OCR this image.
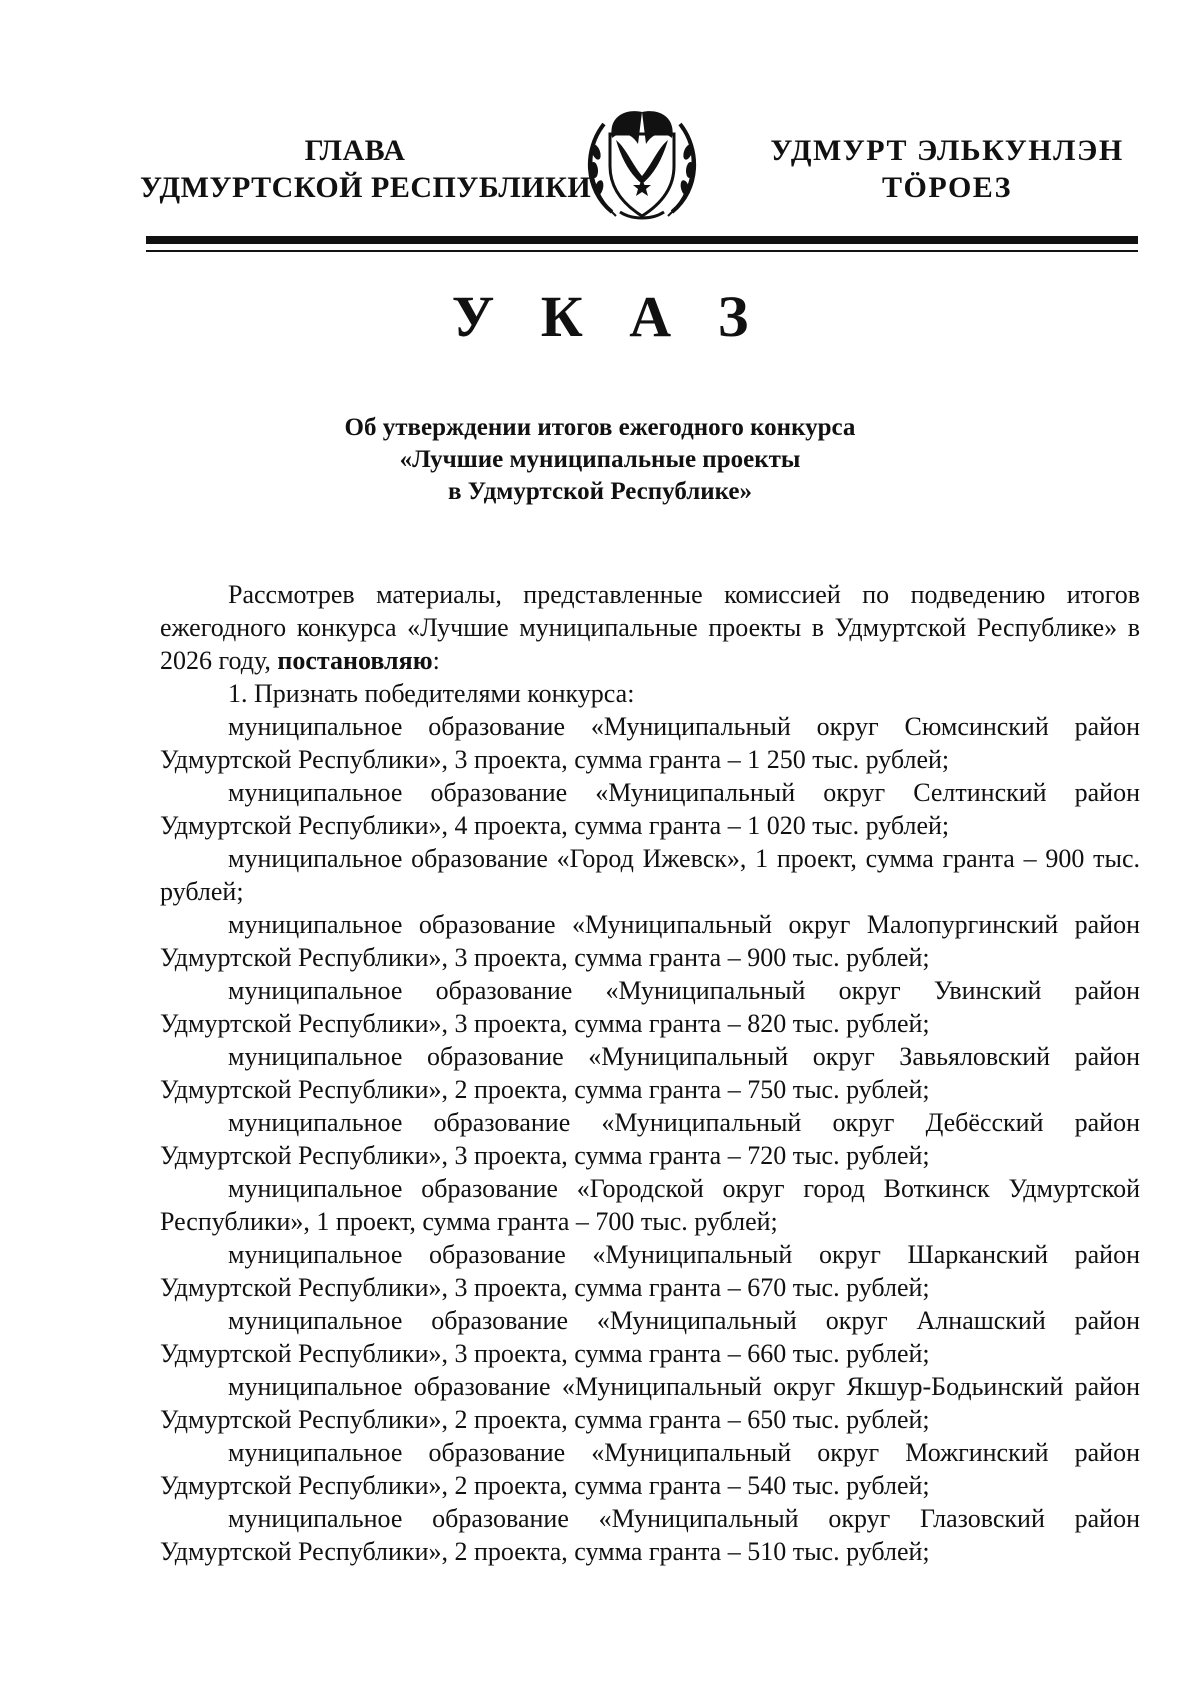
ГЛАВА
УДМУРТСКОЙ РЕСПУБЛИКИ
УДМУРТ ЭЛЬКУНЛЭН
ТӦРОЕЗ
У К А З
Об утверждении итогов ежегодного конкурса
«Лучшие муниципальные проекты
в Удмуртской Республике»

Рассмотрев материалы, представленные комиссией по подведению итогов ежегодного конкурса «Лучшие муниципальные проекты в Удмуртской Республике» в 2026 году, постановляю:

1. Признать победителями конкурса:

муниципальное образование «Муниципальный округ Сюмсинский район Удмуртской Республики», 3 проекта, сумма гранта – 1 250 тыс. рублей;

муниципальное образование «Муниципальный округ Селтинский район Удмуртской Республики», 4 проекта, сумма гранта – 1 020 тыс. рублей;

муниципальное образование «Город Ижевск», 1 проект, сумма гранта – 900 тыс. рублей;

муниципальное образование «Муниципальный округ Малопургинский район Удмуртской Республики», 3 проекта, сумма гранта – 900 тыс. рублей;

муниципальное образование «Муниципальный округ Увинский район Удмуртской Республики», 3 проекта, сумма гранта – 820 тыс. рублей;

муниципальное образование «Муниципальный округ Завьяловский район Удмуртской Республики», 2 проекта, сумма гранта – 750 тыс. рублей;

муниципальное образование «Муниципальный округ Дебёсский район Удмуртской Республики», 3 проекта, сумма гранта – 720 тыс. рублей;

муниципальное образование «Городской округ город Воткинск Удмуртской Республики», 1 проект, сумма гранта – 700 тыс. рублей;

муниципальное образование «Муниципальный округ Шарканский район Удмуртской Республики», 3 проекта, сумма гранта – 670 тыс. рублей;

муниципальное образование «Муниципальный округ Алнашский район Удмуртской Республики», 3 проекта, сумма гранта – 660 тыс. рублей;

муниципальное образование «Муниципальный округ Якшур-Бодьинский район Удмуртской Республики», 2 проекта, сумма гранта – 650 тыс. рублей;

муниципальное образование «Муниципальный округ Можгинский район Удмуртской Республики», 2 проекта, сумма гранта – 540 тыс. рублей;

муниципальное образование «Муниципальный округ Глазовский район Удмуртской Республики», 2 проекта, сумма гранта – 510 тыс. рублей;
